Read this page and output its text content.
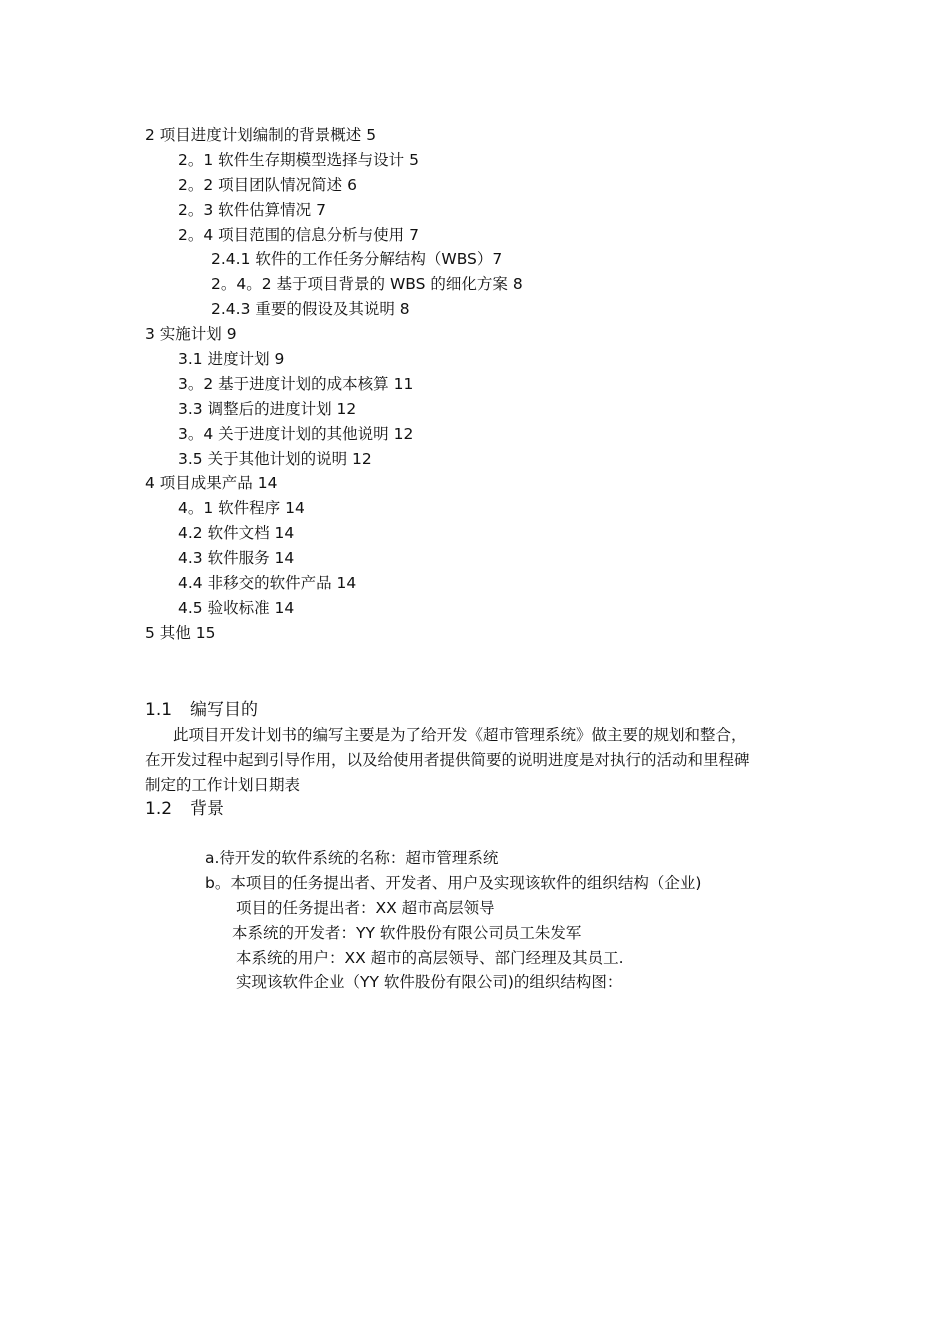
2 项目进度计划编制的背景概述 5
2。1 软件生存期模型选择与设计 5
2。2 项目团队情况简述 6
2。3 软件估算情况 7
2。4 项目范围的信息分析与使用 7
2.4.1 软件的工作任务分解结构（WBS）7
2。4。2 基于项目背景的 WBS 的细化方案 8
2.4.3 重要的假设及其说明 8
3 实施计划 9
3.1 进度计划 9
3。2 基于进度计划的成本核算 11
3.3 调整后的进度计划 12
3。4 关于进度计划的其他说明 12
3.5 关于其他计划的说明 12
4 项目成果产品 14
4。1 软件程序 14
4.2 软件文档 14
4.3 软件服务 14
4.4 非移交的软件产品 14
4.5 验收标准 14
5 其他 15
1.1 编写目的
此项目开发计划书的编写主要是为了给开发《超市管理系统》做主要的规划和整合，
在开发过程中起到引导作用，以及给使用者提供简要的说明进度是对执行的活动和里程碑
制定的工作计划日期表
1.2 背景
a.待开发的软件系统的名称：超市管理系统
b。本项目的任务提出者、开发者、用户及实现该软件的组织结构（企业)
项目的任务提出者：XX 超市高层领导
本系统的开发者：YY 软件股份有限公司员工朱发军
本系统的用户：XX 超市的高层领导、部门经理及其员工.
实现该软件企业（YY 软件股份有限公司)的组织结构图：
